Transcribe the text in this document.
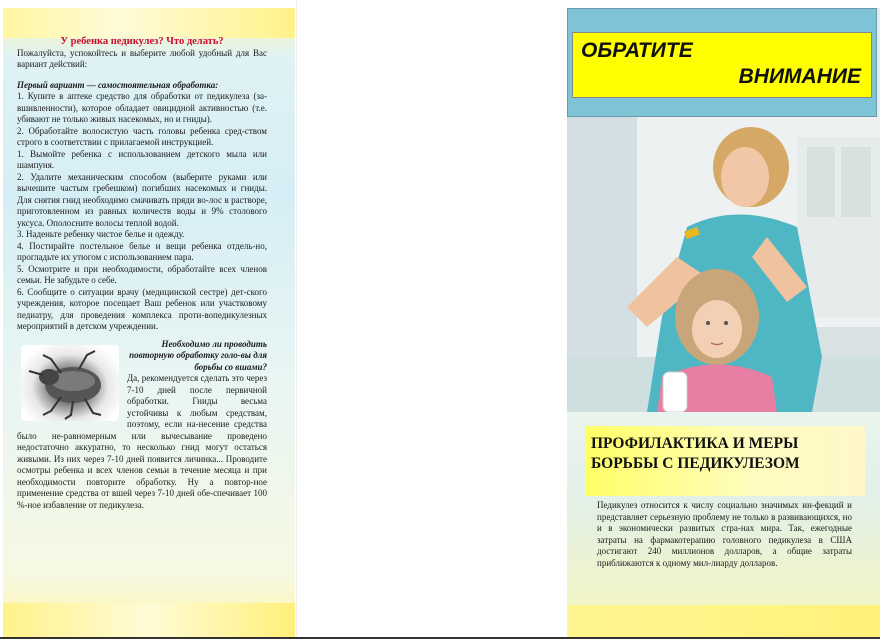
У ребенка педикулез? Что делать?

Пожалуйста, успокойтесь и выберите любой удобный для Вас вариант действий:

Первый вариант — самостоятельная обработка:

1. Купите в аптеке средство для обработки от педикулеза (за-вшивленности), которое обладает овицидной активностью (т.е. убивают не только живых насекомых, но и гниды).

2. Обработайте волосистую часть головы ребенка сред-ством строго в соответствии с прилагаемой инструкцией.

1. Вымойте ребенка с использованием детского мыла или шампуня.

2. Удалите механическим способом (выберите руками или вычешите частым гребешком) погибших насекомых и гниды. Для снятия гнид необходимо смачивать пряди во-лос в растворе, приготовленном из равных количеств воды и 9% столового уксуса. Ополосните волосы теплой водой.

3. Наденьте ребенку чистое белье и одежду.

4. Постирайте постельное белье и вещи ребенка отдель-но, прогладьте их утюгом с использованием пара.

5. Осмотрите и при необходимости, обработайте всех членов семьи. Не забудьте о себе.

6. Сообщите о ситуации врачу (медицинской сестре) дет-ского учреждения, которое посещает Ваш ребенок или участковому педиатру, для проведения комплекса проти-вопедикулезных мероприятий в детском учреждении.

Необходимо ли проводить повторную обработку голо-вы для борьбы со вшами?

Да, рекомендуется сделать это через 7-10 дней после первичной обработки. Гниды весьма устойчивы к любым средствам, поэтому, если на-несение средства было не-равномерным или вычесывание проведено недостаточно аккуратно, то несколько гнид могут остаться живыми. Из них через 7-10 дней появится личинка... Проводите осмотры ребенка и всех членов семьи в течение месяца и при необходимости повторите обработку. Ну а повтор-ное применение средства от вшей через 7-10 дней обе-спечивает 100 %-ное избавление от педикулеза.

ОБРАТИТЕ
ВНИМАНИЕ
ПРОФИЛАКТИКА И МЕРЫ БОРЬБЫ С ПЕДИКУЛЕЗОМ
Педикулез относится к числу социально значимых ин-фекций и представляет серьезную проблему не только в развивающихся, но и в экономически развитых стра-нах мира. Так, ежегодные затраты на фармакотерапию головного педикулеза в США достигают 240 миллионов долларов, а общие затраты приближаются к одному мил-лиарду долларов.
